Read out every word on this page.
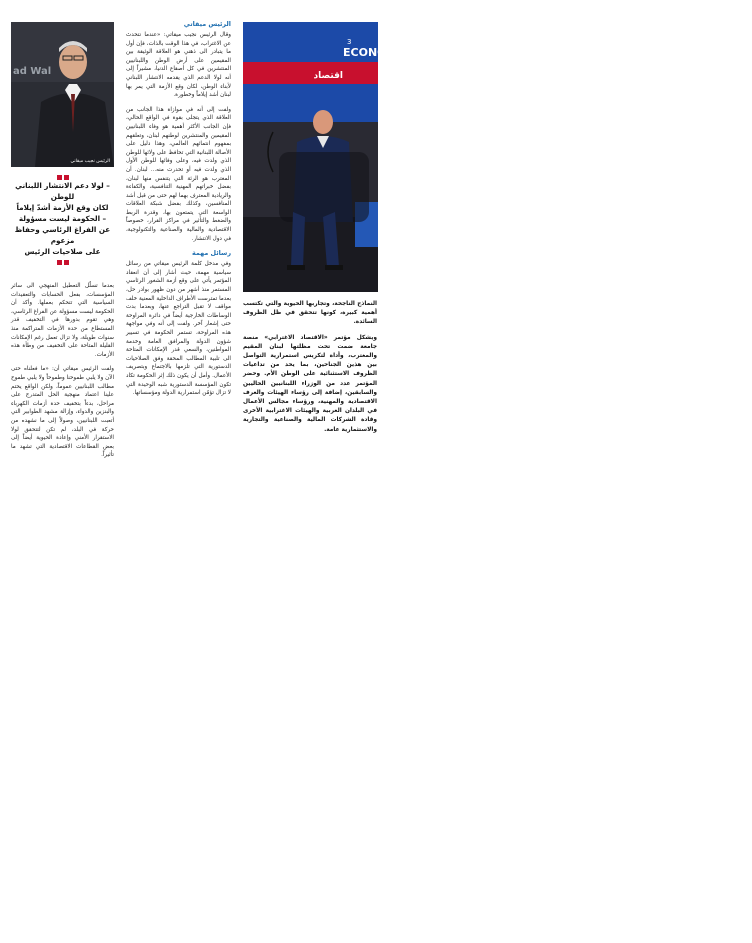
ad Wal
الرئيس نجيب ميقاتي
3
ECONO
اقتصاد
– لولا دعم الانتشار اللبناني للوطن
لكان وقع الأزمة أشدّ إيلاماً
– الحكومة ليست مسؤولة
عن الفراغ الرئاسي وحفاظ مزعوم
على صلاحيات الرئيس
الرئيس ميقاتي

وقال الرئيس نجيب ميقاتي: «عندما نتحدث عن الاغتراب، في هذا الوقت بالذات، فإن أول ما يتبادر الى ذهني هو العلاقة الوثيقة بين المقيمين على أرض الوطن واللبنانيين المنتشرين في كل أصقاع الدنيا، مشيراً إلى أنه لولا الدعم الذي يقدمه الانتشار اللبناني لأبناء الوطن، لكان وقع الأزمة التي يمر بها لبنان أشد إيلاماً وخطورة.

ولفت إلى أنه في موازاة هذا الجانب من العلاقة الذي يتجلى بقوة في الواقع الحالي، فإن الجانب الأكثر أهمية هو وفاء اللبنانيين المقيمين والمنتشرين لوطنهم لبنان، وتعلقهم بمفهوم انتمائهم العالمي، وهذا دليل على الأصالة اللبنانية التي تحافظ على ولائها للوطن الذي ولدت فيه، وعلى وفائها للوطن الأول الذي ولدت فيه أو تحدرت منه... لبنان. أن المغترب هو الرئة التي يتنفس منها لبنان، بفضل خبراتهم المهنية التنافسية، والكفاءة والريادية المعترف بهما لهم حتى من قبل أشد المنافسين، وكذلك بفضل شبكة العلاقات الواسعة التي يتمتعون بها، وقدرة الربط والضغط والتأثير في مراكز القرار، خصوصاً الاقتصادية والمالية والصناعية والتكنولوجية، في دول الانتشار.

رسائل مهمة

وفي مدخل كلمة الرئيس ميقاتي من رسائل سياسية مهمة، حيث أشار إلى أن انعقاد المؤتمر يأتي على وقع أزمة الشغور الرئاسي المستمر منذ أشهر من دون ظهور بوادر حل، بعدما تمترست الأطراف الداخلية المعنية خلف مواقف لا تقبل التراجع عنها، وبعدما بدت الوساطات الخارجية أيضاً في دائرة المراوحة حتى إشعار آخر. ولفت إلى أنه وفي مواجهة هذه المراوحة، تستمر الحكومة في تسيير شؤون الدولة والمرافق العامة وخدمة المواطنين، والسعي قدر الإمكانات المتاحة الى تلبية المطالب المحقة وفق الصلاحيات الدستورية التي تلزمها بالاجتماع وبتصريف الأعمال. وأمل أن يكون ذلك إثر الحكومة تكاد تكون المؤسسة الدستورية شبه الوحيدة التي لا تزال تؤمّن استمرارية الدولة ومؤسساتها.

بعدما تسلّل التعطيل المنهجي الى سائر المؤسسات، بفعل الحسابات والتعقيدات السياسية التي تتحكم بعملها. وأكد أن الحكومة ليست مسؤولة عن الفراغ الرئاسي، وهي تقوم بدورها في التخفيف قدر المستطاع من حدة الأزمات المتراكمة منذ سنوات طويلة، ولا تزال تعمل رغم الإمكانات القليلة المتاحة على التخفيف من وطأة هذه الأزمات.

ولفت الرئيس ميقاتي أن: «ما فعلناه حتى الآن ولا يلبي طموحنا وطموحاً ولا يلبي طموح مطالب اللبنانيين عموماً، ولكن الواقع يحتم علينا اعتماد منهجية الحل المتدرج على مراحل، بدءاً بتخفيف حدة أزمات الكهرباء والبنزين والدواء، وإزالة مشهد الطوابير التي أتعبت اللبنانيين، وصولاً إلى ما نشهده من حركة في البلد، لم تكن لتتحقق لولا الاستقرار الأمني وإعادة الحيوية أيضاً إلى بعض القطاعات الاقتصادية التي تشهد ما تأثيراً.

النماذج الناجحة، وتجاربها الحيوية والتي تكتسب أهمية كبيرة، كونها تتحقق في ظل الظروف السائدة.

ويشكل مؤتمر «الاقتصاد الاغترابي» منصة جامعة ضمت تحت مظلتها لبنان المقيم والمغترب، وأداة لتكريس استمرارية التواصل بين هذين الجناحين، بما يحد من تداعيات الظروف الاستثنائية على الوطن الأم. وحضر المؤتمر عدد من الوزراء اللبنانيين الحاليين والسابقين، إضافة إلى رؤساء الهيئات والغرف الاقتصادية والمهنية، ورؤساء مجالس الأعمال في البلدان العربية والهيئات الاغترابية الأخرى وقادة الشركات المالية والصناعية والتجارية والاستثمارية عامة.
